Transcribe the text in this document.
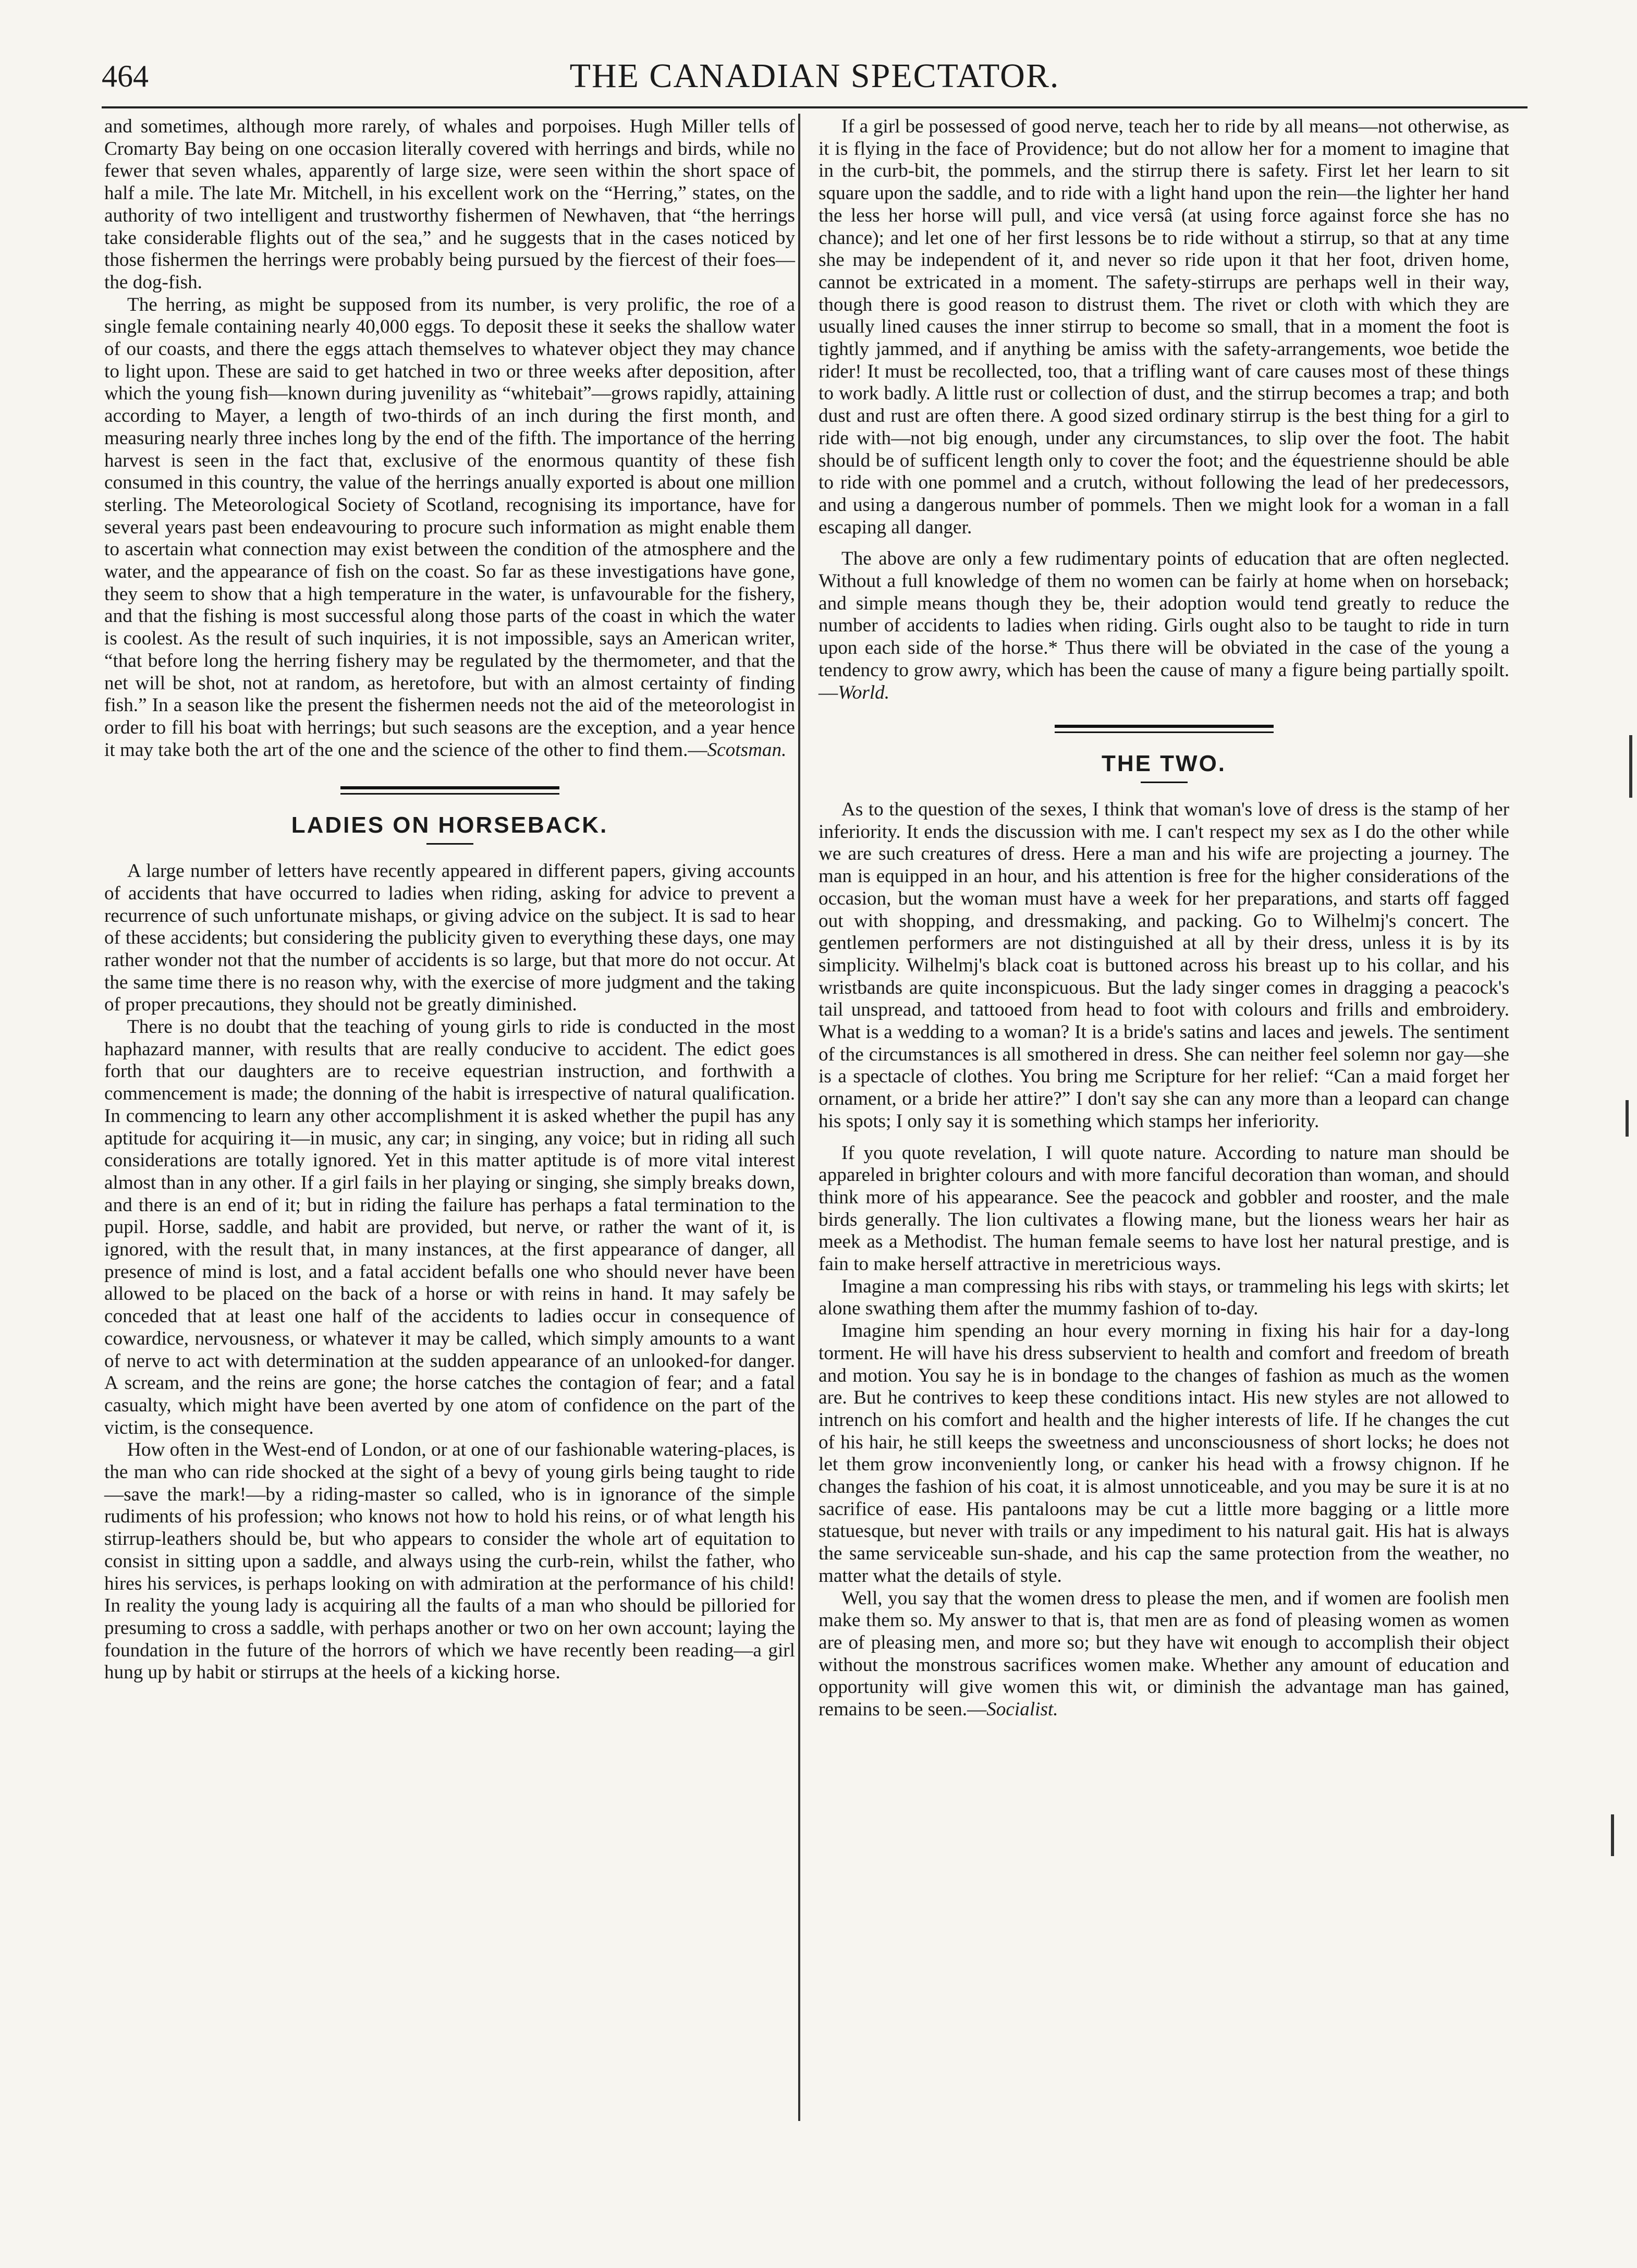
464	THE CANADIAN SPECTATOR.

and sometimes, although more rarely, of whales and porpoises. Hugh Miller tells of Cromarty Bay being on one occasion literally covered with herrings and birds, while no fewer that seven whales, apparently of large size, were seen within the short space of half a mile. The late Mr. Mitchell, in his excellent work on the “Herring,” states, on the authority of two intelligent and trustworthy fishermen of Newhaven, that “the herrings take considerable flights out of the sea,” and he suggests that in the cases noticed by those fishermen the herrings were probably being pursued by the fiercest of their foes—the dog-fish.

The herring, as might be supposed from its number, is very prolific, the roe of a single female containing nearly 40,000 eggs. To deposit these it seeks the shallow water of our coasts, and there the eggs attach themselves to whatever object they may chance to light upon. These are said to get hatched in two or three weeks after deposition, after which the young fish—known during juvenility as “whitebait”—grows rapidly, attaining according to Mayer, a length of two-thirds of an inch during the first month, and measuring nearly three inches long by the end of the fifth. The importance of the herring harvest is seen in the fact that, exclusive of the enormous quantity of these fish consumed in this country, the value of the herrings anually exported is about one million sterling. The Meteorological Society of Scotland, recognising its importance, have for several years past been endeavouring to procure such information as might enable them to ascertain what connection may exist between the condition of the atmosphere and the water, and the appearance of fish on the coast. So far as these investigations have gone, they seem to show that a high temperature in the water, is unfavourable for the fishery, and that the fishing is most successful along those parts of the coast in which the water is coolest. As the result of such inquiries, it is not impossible, says an American writer, “that before long the herring fishery may be regulated by the thermometer, and that the net will be shot, not at random, as heretofore, but with an almost certainty of finding fish.” In a season like the present the fishermen needs not the aid of the meteorologist in order to fill his boat with herrings; but such seasons are the exception, and a year hence it may take both the art of the one and the science of the other to find them.—Scotsman.

LADIES ON HORSEBACK.

A large number of letters have recently appeared in different papers, giving accounts of accidents that have occurred to ladies when riding, asking for advice to prevent a recurrence of such unfortunate mishaps, or giving advice on the subject. It is sad to hear of these accidents; but considering the publicity given to everything these days, one may rather wonder not that the number of accidents is so large, but that more do not occur. At the same time there is no reason why, with the exercise of more judgment and the taking of proper precautions, they should not be greatly diminished.

There is no doubt that the teaching of young girls to ride is conducted in the most haphazard manner, with results that are really conducive to accident. The edict goes forth that our daughters are to receive equestrian instruction, and forthwith a commencement is made; the donning of the habit is irrespective of natural qualification. In commencing to learn any other accomplishment it is asked whether the pupil has any aptitude for acquiring it—in music, any car; in singing, any voice; but in riding all such considerations are totally ignored. Yet in this matter aptitude is of more vital interest almost than in any other. If a girl fails in her playing or singing, she simply breaks down, and there is an end of it; but in riding the failure has perhaps a fatal termination to the pupil. Horse, saddle, and habit are provided, but nerve, or rather the want of it, is ignored, with the result that, in many instances, at the first appearance of danger, all presence of mind is lost, and a fatal accident befalls one who should never have been allowed to be placed on the back of a horse or with reins in hand. It may safely be conceded that at least one half of the accidents to ladies occur in consequence of cowardice, nervousness, or whatever it may be called, which simply amounts to a want of nerve to act with determination at the sudden appearance of an unlooked-for danger. A scream, and the reins are gone; the horse catches the contagion of fear; and a fatal casualty, which might have been averted by one atom of confidence on the part of the victim, is the consequence.

How often in the West-end of London, or at one of our fashionable watering-places, is the man who can ride shocked at the sight of a bevy of young girls being taught to ride—save the mark!—by a riding-master so called, who is in ignorance of the simple rudiments of his profession; who knows not how to hold his reins, or of what length his stirrup-leathers should be, but who appears to consider the whole art of equitation to consist in sitting upon a saddle, and always using the curb-rein, whilst the father, who hires his services, is perhaps looking on with admiration at the performance of his child! In reality the young lady is acquiring all the faults of a man who should be pilloried for presuming to cross a saddle, with perhaps another or two on her own account; laying the foundation in the future of the horrors of which we have recently been reading—a girl hung up by habit or stirrups at the heels of a kicking horse.

If a girl be possessed of good nerve, teach her to ride by all means—not otherwise, as it is flying in the face of Providence; but do not allow her for a moment to imagine that in the curb-bit, the pommels, and the stirrup there is safety. First let her learn to sit square upon the saddle, and to ride with a light hand upon the rein—the lighter her hand the less her horse will pull, and vice versâ (at using force against force she has no chance); and let one of her first lessons be to ride without a stirrup, so that at any time she may be independent of it, and never so ride upon it that her foot, driven home, cannot be extricated in a moment. The safety-stirrups are perhaps well in their way, though there is good reason to distrust them. The rivet or cloth with which they are usually lined causes the inner stirrup to become so small, that in a moment the foot is tightly jammed, and if anything be amiss with the safety-arrangements, woe betide the rider! It must be recollected, too, that a trifling want of care causes most of these things to work badly. A little rust or collection of dust, and the stirrup becomes a trap; and both dust and rust are often there. A good sized ordinary stirrup is the best thing for a girl to ride with—not big enough, under any circumstances, to slip over the foot. The habit should be of sufficent length only to cover the foot; and the équestrienne should be able to ride with one pommel and a crutch, without following the lead of her predecessors, and using a dangerous number of pommels. Then we might look for a woman in a fall escaping all danger.

The above are only a few rudimentary points of education that are often neglected. Without a full knowledge of them no women can be fairly at home when on horseback; and simple means though they be, their adoption would tend greatly to reduce the number of accidents to ladies when riding. Girls ought also to be taught to ride in turn upon each side of the horse.* Thus there will be obviated in the case of the young a tendency to grow awry, which has been the cause of many a figure being partially spoilt.—World.

THE TWO.

As to the question of the sexes, I think that woman's love of dress is the stamp of her inferiority. It ends the discussion with me. I can't respect my sex as I do the other while we are such creatures of dress. Here a man and his wife are projecting a journey. The man is equipped in an hour, and his attention is free for the higher considerations of the occasion, but the woman must have a week for her preparations, and starts off fagged out with shopping, and dressmaking, and packing. Go to Wilhelmj's concert. The gentlemen performers are not distinguished at all by their dress, unless it is by its simplicity. Wilhelmj's black coat is buttoned across his breast up to his collar, and his wristbands are quite inconspicuous. But the lady singer comes in dragging a peacock's tail unspread, and tattooed from head to foot with colours and frills and embroidery. What is a wedding to a woman? It is a bride's satins and laces and jewels. The sentiment of the circumstances is all smothered in dress. She can neither feel solemn nor gay—she is a spectacle of clothes. You bring me Scripture for her relief: “Can a maid forget her ornament, or a bride her attire?” I don't say she can any more than a leopard can change his spots; I only say it is something which stamps her inferiority.

If you quote revelation, I will quote nature. According to nature man should be appareled in brighter colours and with more fanciful decoration than woman, and should think more of his appearance. See the peacock and gobbler and rooster, and the male birds generally. The lion cultivates a flowing mane, but the lioness wears her hair as meek as a Methodist. The human female seems to have lost her natural prestige, and is fain to make herself attractive in meretricious ways.

Imagine a man compressing his ribs with stays, or trammeling his legs with skirts; let alone swathing them after the mummy fashion of to-day.

Imagine him spending an hour every morning in fixing his hair for a day-long torment. He will have his dress subservient to health and comfort and freedom of breath and motion. You say he is in bondage to the changes of fashion as much as the women are. But he contrives to keep these conditions intact. His new styles are not allowed to intrench on his comfort and health and the higher interests of life. If he changes the cut of his hair, he still keeps the sweetness and unconsciousness of short locks; he does not let them grow inconveniently long, or canker his head with a frowsy chignon. If he changes the fashion of his coat, it is almost unnoticeable, and you may be sure it is at no sacrifice of ease. His pantaloons may be cut a little more bagging or a little more statuesque, but never with trails or any impediment to his natural gait. His hat is always the same serviceable sun-shade, and his cap the same protection from the weather, no matter what the details of style.

Well, you say that the women dress to please the men, and if women are foolish men make them so. My answer to that is, that men are as fond of pleasing women as women are of pleasing men, and more so; but they have wit enough to accomplish their object without the monstrous sacrifices women make. Whether any amount of education and opportunity will give women this wit, or diminish the advantage man has gained, remains to be seen.—Socialist.
